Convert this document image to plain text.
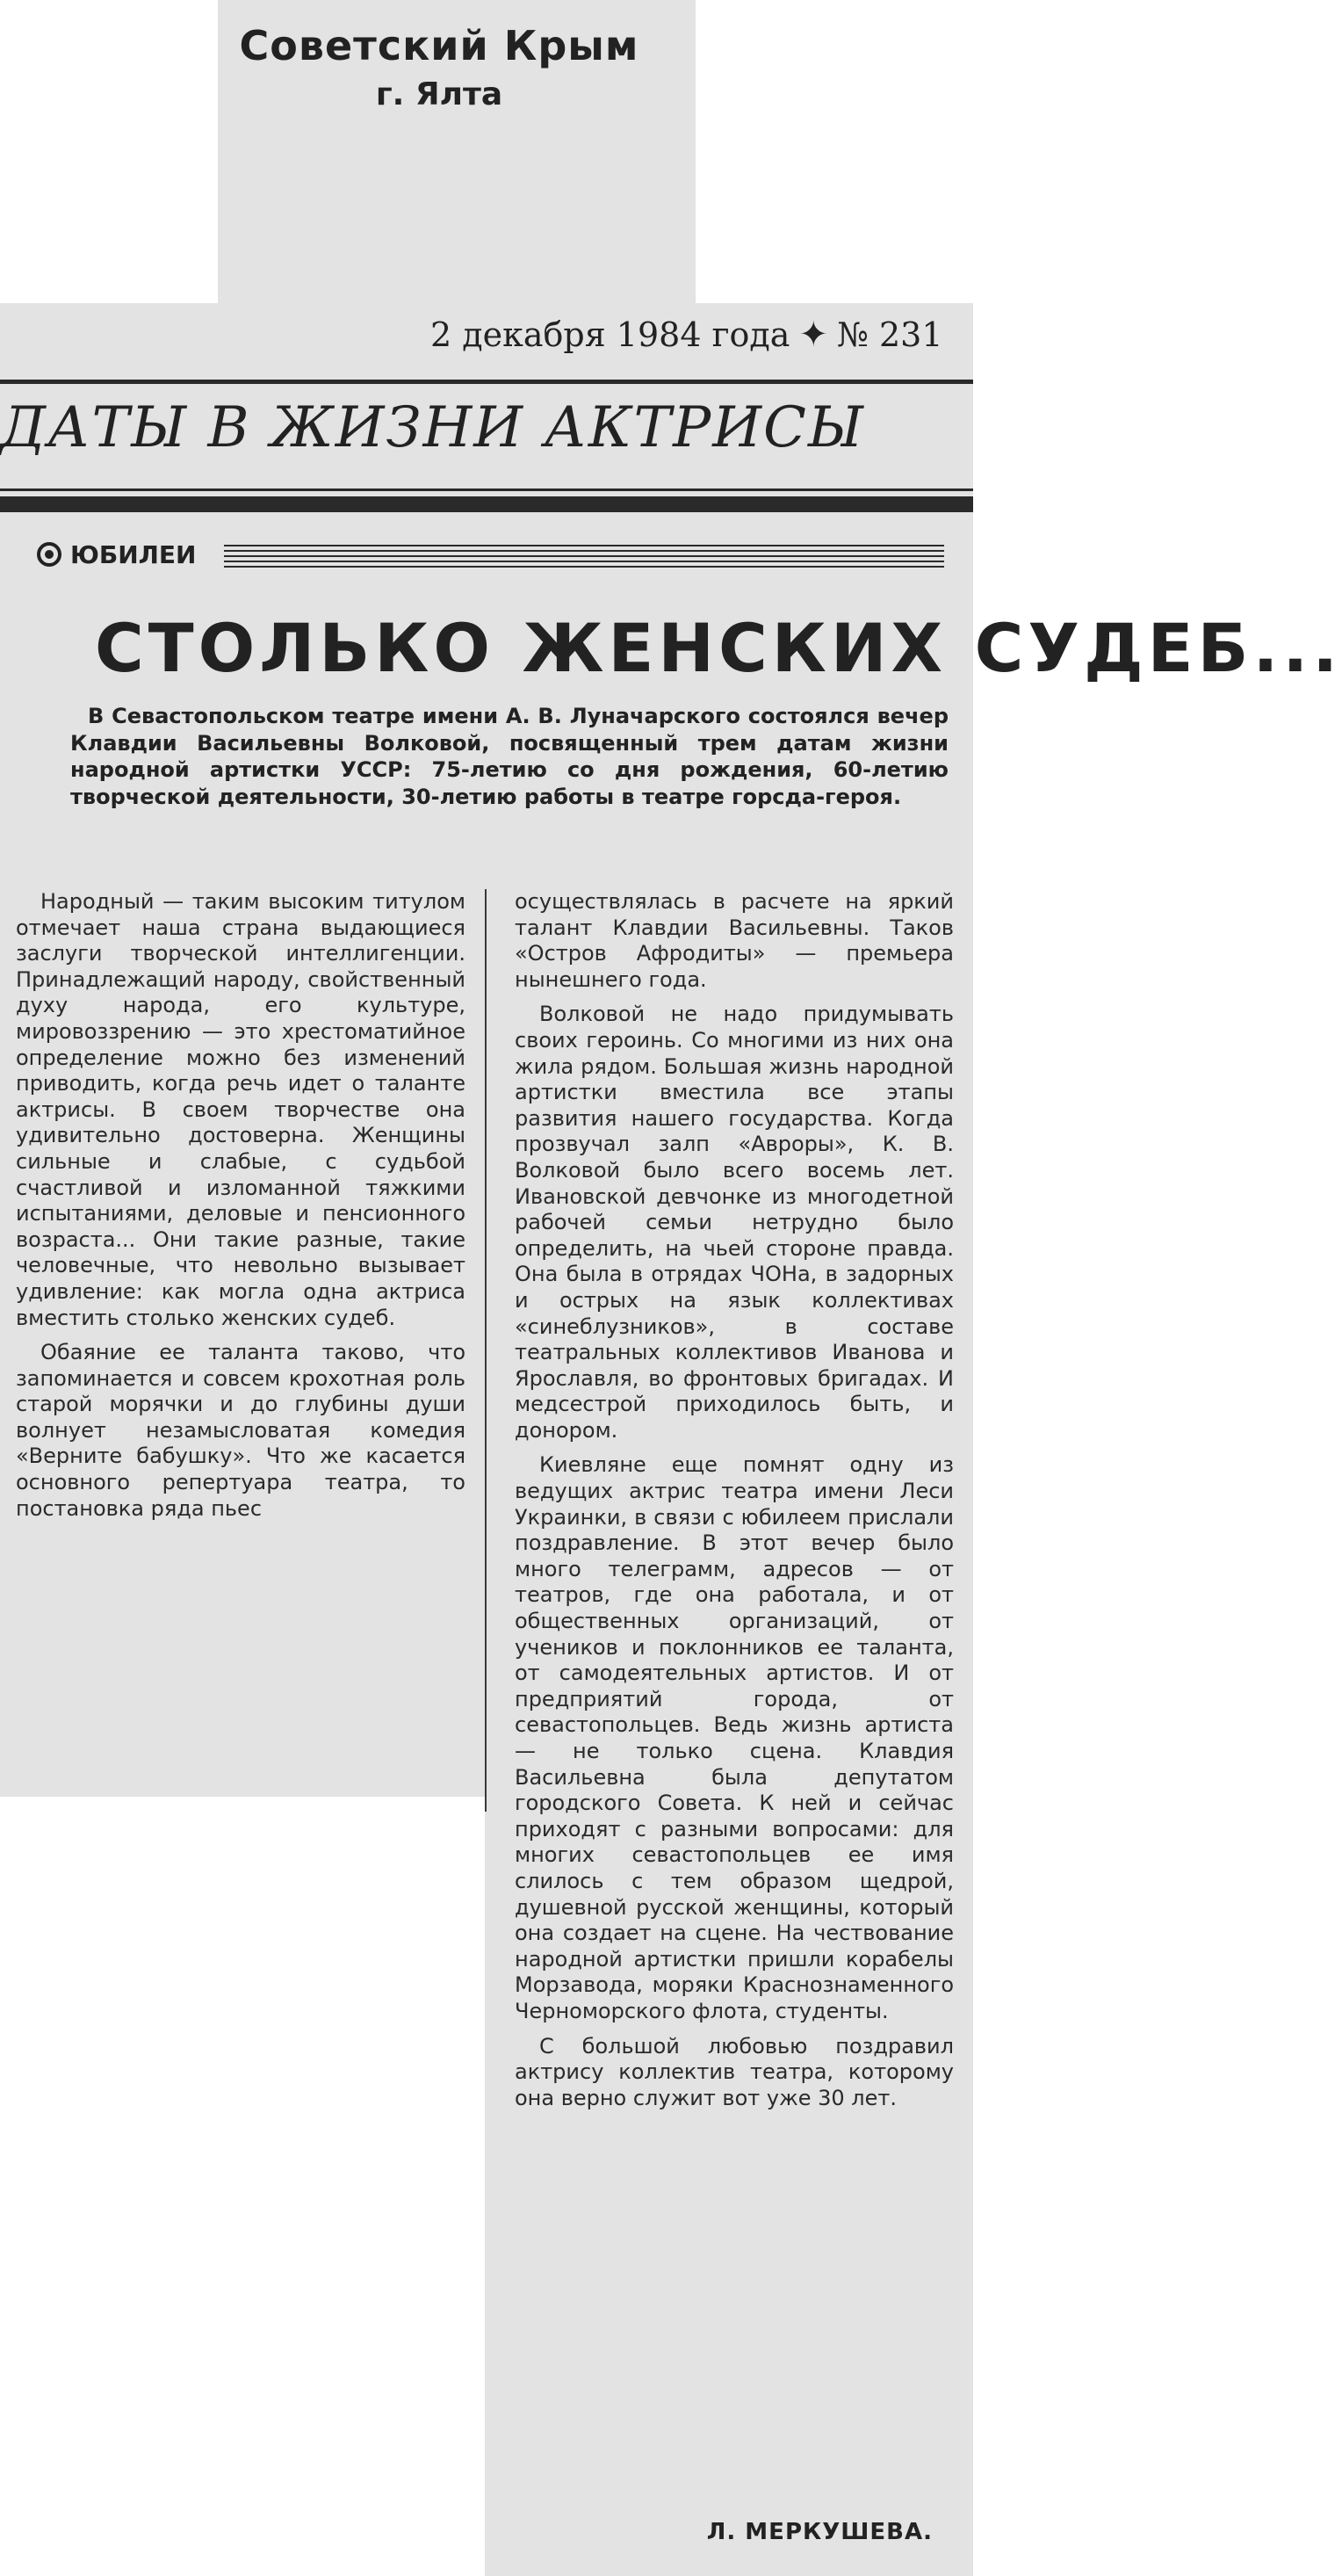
Советский Крым
г. Ялта
2 декабря 1984 года ✦ № 231
ДАТЫ В ЖИЗНИ АКТРИСЫ
ЮБИЛЕИ
СТОЛЬКО ЖЕНСКИХ СУДЕБ...

В Севастопольском театре имени А. В. Луначарского состоялся вечер Клавдии Васильевны Волковой, посвященный трем датам жизни народной артистки УССР: 75-летию со дня рождения, 60-летию творческой деятельности, 30-летию работы в театре горсда-героя.

Народный — таким высоким титулом отмечает наша страна выдающиеся заслуги творческой интеллигенции. Принадлежащий народу, свойственный духу народа, его культуре, мировоззрению — это хрестоматийное определение можно без изменений приводить, когда речь идет о таланте актрисы. В своем творчестве она удивительно достоверна. Женщины сильные и слабые, с судьбой счастливой и изломанной тяжкими испытаниями, деловые и пенсионного возраста... Они такие разные, такие человечные, что невольно вызывает удивление: как могла одна актриса вместить столько женских судеб.

Обаяние ее таланта таково, что запоминается и совсем крохотная роль старой морячки и до глубины души волнует незамысловатая комедия «Верните бабушку». Что же касается основного репертуара театра, то постановка ряда пьес

осуществлялась в расчете на яркий талант Клавдии Васильевны. Таков «Остров Афродиты» — премьера нынешнего года.

Волковой не надо придумывать своих героинь. Со многими из них она жила рядом. Большая жизнь народной артистки вместила все этапы развития нашего государства. Когда прозвучал залп «Авроры», К. В. Волковой было всего восемь лет. Ивановской девчонке из многодетной рабочей семьи нетрудно было определить, на чьей стороне правда. Она была в отрядах ЧОНа, в задорных и острых на язык коллективах «синеблузников», в составе театральных коллективов Иванова и Ярославля, во фронтовых бригадах. И медсестрой приходилось быть, и донором.

Киевляне еще помнят одну из ведущих актрис театра имени Леси Украинки, в связи с юбилеем прислали поздравление. В этот вечер было много телеграмм, адресов — от театров, где она работала, и от общественных организаций, от учеников и поклонников ее таланта, от самодеятельных артистов. И от предприятий города, от севастопольцев. Ведь жизнь артиста — не только сцена. Клавдия Васильевна была депутатом городского Совета. К ней и сейчас приходят с разными вопросами: для многих севастопольцев ее имя слилось с тем образом щедрой, душевной русской женщины, который она создает на сцене. На чествование народной артистки пришли корабелы Морзавода, моряки Краснознаменного Черноморского флота, студенты.

С большой любовью поздравил актрису коллектив театра, которому она верно служит вот уже 30 лет.

Л. МЕРКУШЕВА.
